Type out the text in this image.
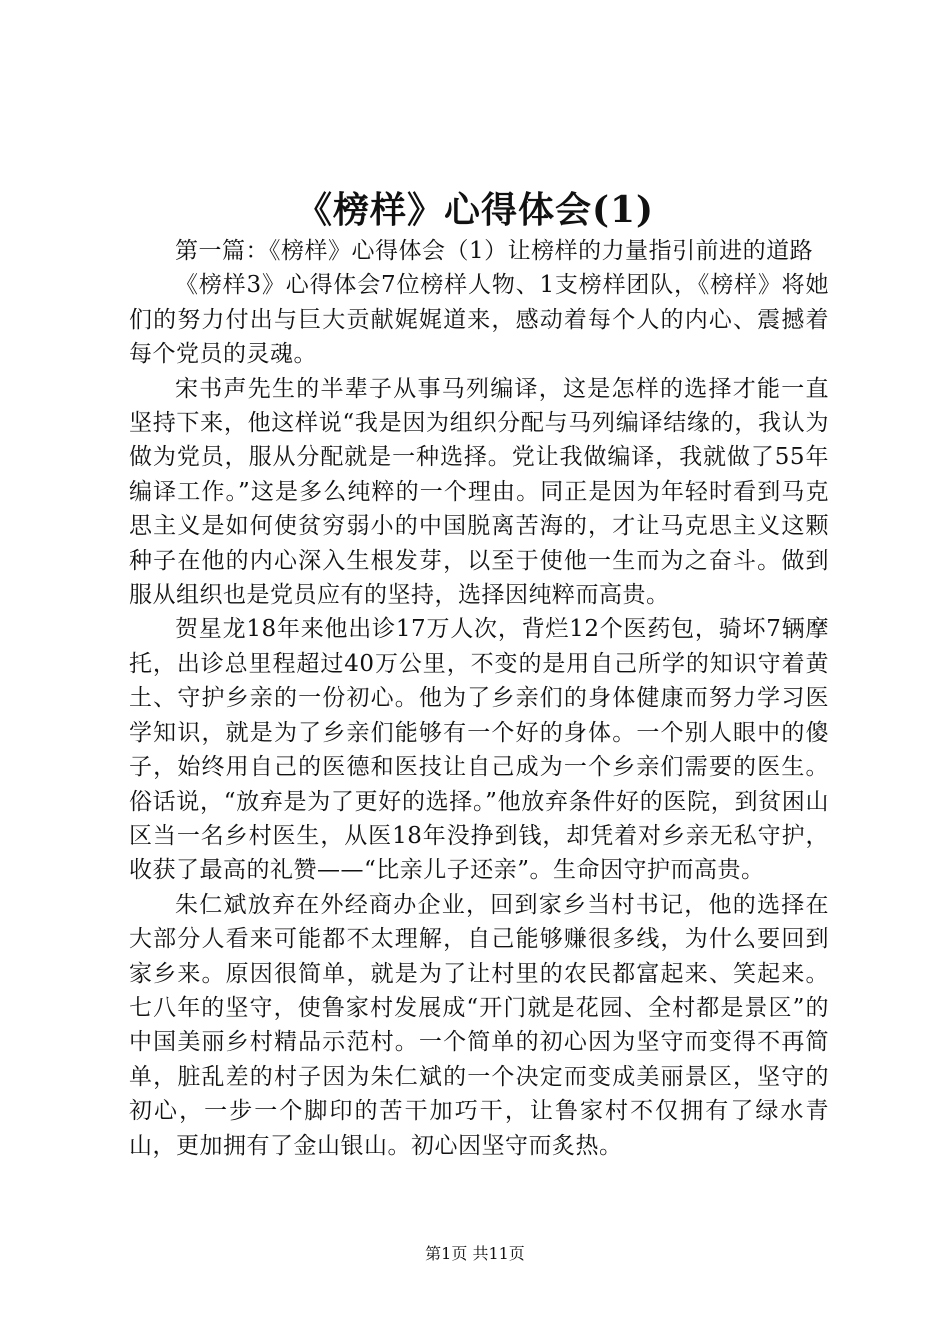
《榜样》心得体会(1)

第一篇：《榜样》心得体会（1）让榜样的力量指引前进的道路

《榜样3》心得体会7位榜样人物、1支榜样团队，《榜样》将她们的努力付出与巨大贡献娓娓道来，感动着每个人的内心、震撼着每个党员的灵魂。

宋书声先生的半辈子从事马列编译，这是怎样的选择才能一直坚持下来，他这样说“我是因为组织分配与马列编译结缘的，我认为做为党员，服从分配就是一种选择。党让我做编译，我就做了55年编译工作。”这是多么纯粹的一个理由。同正是因为年轻时看到马克思主义是如何使贫穷弱小的中国脱离苦海的，才让马克思主义这颗种子在他的内心深入生根发芽，以至于使他一生而为之奋斗。做到服从组织也是党员应有的坚持，选择因纯粹而高贵。

贺星龙18年来他出诊17万人次，背烂12个医药包，骑坏7辆摩托，出诊总里程超过40万公里，不变的是用自己所学的知识守着黄土、守护乡亲的一份初心。他为了乡亲们的身体健康而努力学习医学知识，就是为了乡亲们能够有一个好的身体。一个别人眼中的傻子，始终用自己的医德和医技让自己成为一个乡亲们需要的医生。俗话说，“放弃是为了更好的选择。”他放弃条件好的医院，到贫困山区当一名乡村医生，从医18年没挣到钱，却凭着对乡亲无私守护，收获了最高的礼赞——“比亲儿子还亲”。生命因守护而高贵。

朱仁斌放弃在外经商办企业，回到家乡当村书记，他的选择在大部分人看来可能都不太理解，自己能够赚很多线，为什么要回到家乡来。原因很简单，就是为了让村里的农民都富起来、笑起来。七八年的坚守，使鲁家村发展成“开门就是花园、全村都是景区”的中国美丽乡村精品示范村。一个简单的初心因为坚守而变得不再简单，脏乱差的村子因为朱仁斌的一个决定而变成美丽景区，坚守的初心，一步一个脚印的苦干加巧干，让鲁家村不仅拥有了绿水青山，更加拥有了金山银山。初心因坚守而炙热。

第1页 共11页
